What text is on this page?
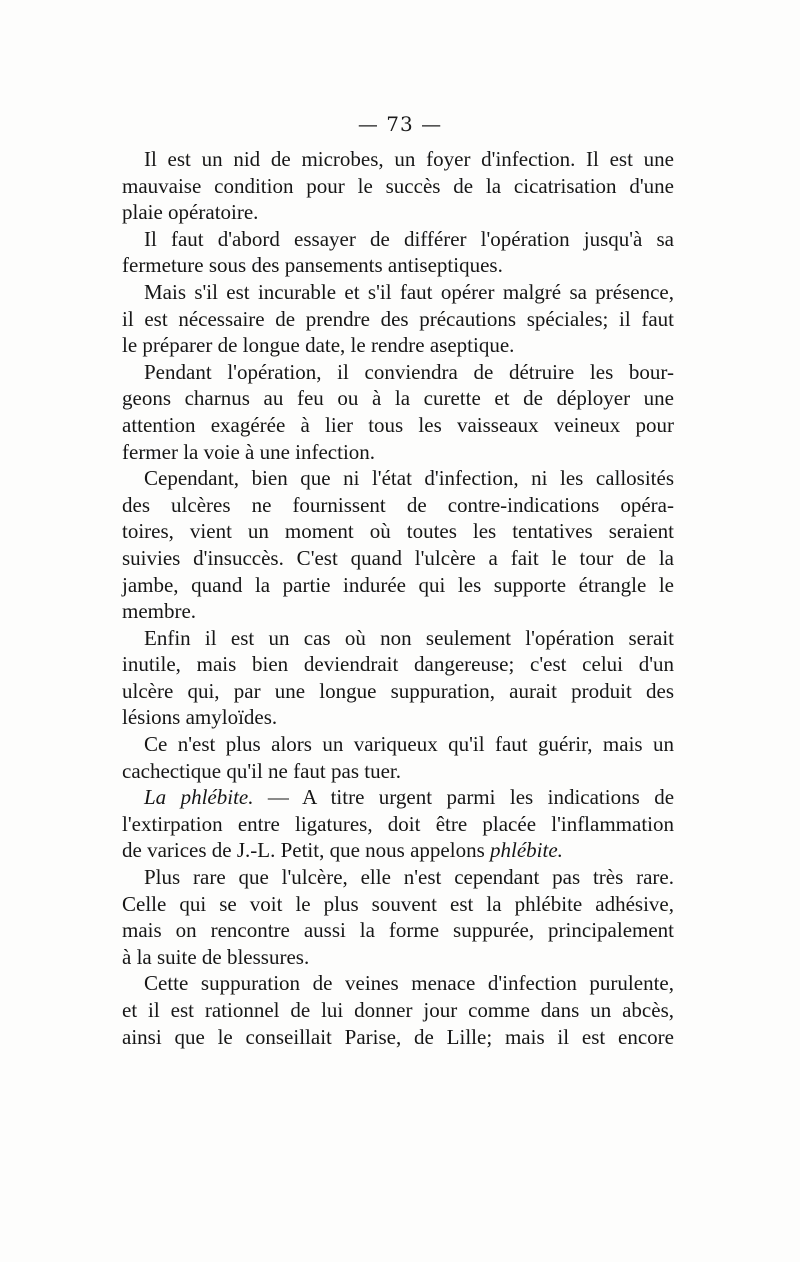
— 73 —
Il est un nid de microbes, un foyer d'infection. Il est une
mauvaise condition pour le succès de la cicatrisation d'une
plaie opératoire.
Il faut d'abord essayer de différer l'opération jusqu'à sa
fermeture sous des pansements antiseptiques.
Mais s'il est incurable et s'il faut opérer malgré sa présence,
il est nécessaire de prendre des précautions spéciales; il faut
le préparer de longue date, le rendre aseptique.
Pendant l'opération, il conviendra de détruire les bour-
geons charnus au feu ou à la curette et de déployer une
attention exagérée à lier tous les vaisseaux veineux pour
fermer la voie à une infection.
Cependant, bien que ni l'état d'infection, ni les callosités
des ulcères ne fournissent de contre-indications opéra-
toires, vient un moment où toutes les tentatives seraient
suivies d'insuccès. C'est quand l'ulcère a fait le tour de la
jambe, quand la partie indurée qui les supporte étrangle le
membre.
Enfin il est un cas où non seulement l'opération serait
inutile, mais bien deviendrait dangereuse; c'est celui d'un
ulcère qui, par une longue suppuration, aurait produit des
lésions amyloïdes.
Ce n'est plus alors un variqueux qu'il faut guérir, mais un
cachectique qu'il ne faut pas tuer.
La phlébite. — A titre urgent parmi les indications de
l'extirpation entre ligatures, doit être placée l'inflammation
de varices de J.-L. Petit, que nous appelons phlébite.
Plus rare que l'ulcère, elle n'est cependant pas très rare.
Celle qui se voit le plus souvent est la phlébite adhésive,
mais on rencontre aussi la forme suppurée, principalement
à la suite de blessures.
Cette suppuration de veines menace d'infection purulente,
et il est rationnel de lui donner jour comme dans un abcès,
ainsi que le conseillait Parise, de Lille; mais il est encore
